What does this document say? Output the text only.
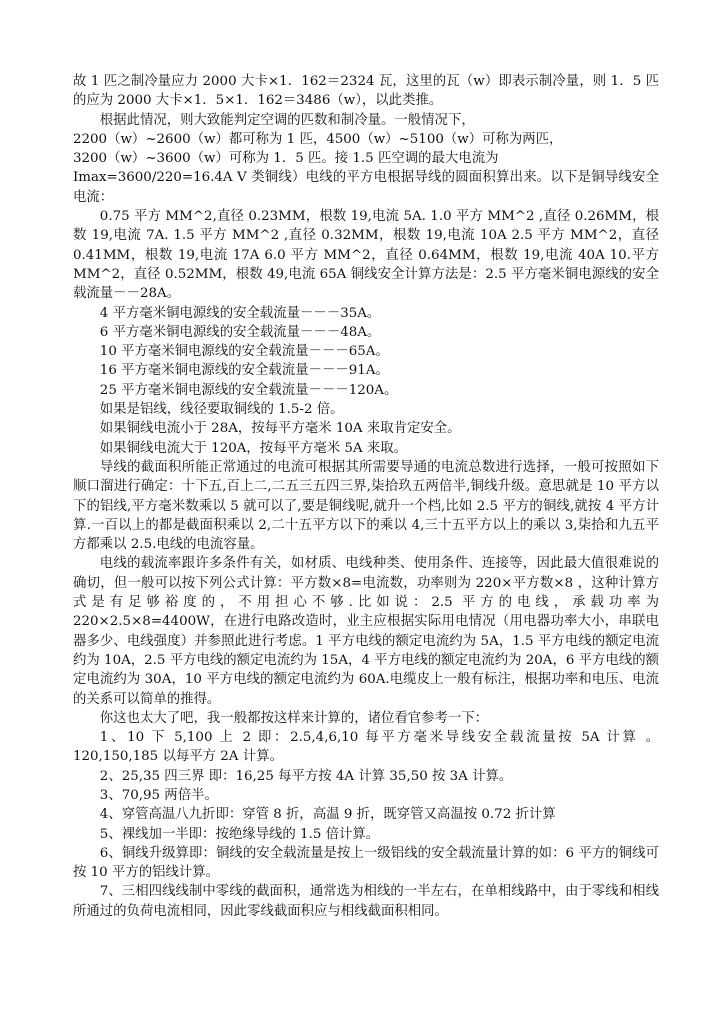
故 1 匹之制冷量应力 2000 大卡×1．162＝2324 瓦，这里的瓦（w）即表示制冷量，则 1．5 匹的应为 2000 大卡×1．5×1．162＝3486（w），以此类推。

根据此情况，则大致能判定空调的匹数和制冷量。一般情况下，

2200（w）~2600（w）都可称为 1 匹，4500（w）~5100（w）可称为两匹，

3200（w）~3600（w）可称为 1．5 匹。接 1.5 匹空调的最大电流为

Imax=3600/220=16.4A V 类铜线）电线的平方电根据导线的圆面积算出来。以下是铜导线安全电流：

0.75 平方 MM^2,直径 0.23MM，根数 19,电流 5A. 1.0 平方 MM^2 ,直径 0.26MM，根数 19,电流 7A. 1.5 平方 MM^2 ,直径 0.32MM，根数 19,电流 10A 2.5 平方 MM^2，直径 0.41MM，根数 19,电流 17A 6.0 平方 MM^2，直径 0.64MM，根数 19,电流 40A 10.平方 MM^2，直径 0.52MM，根数 49,电流 65A 铜线安全计算方法是：2.5 平方毫米铜电源线的安全载流量－－28A。

4 平方毫米铜电源线的安全载流量－－－35A。

6 平方毫米铜电源线的安全载流量－－－48A。

10 平方毫米铜电源线的安全载流量－－－65A。

16 平方毫米铜电源线的安全载流量－－－91A。

25 平方毫米铜电源线的安全载流量－－－120A。

如果是铝线，线径要取铜线的 1.5-2 倍。

如果铜线电流小于 28A，按每平方毫米 10A 来取肯定安全。

如果铜线电流大于 120A，按每平方毫米 5A 来取。

导线的截面积所能正常通过的电流可根据其所需要导通的电流总数进行选择，一般可按照如下顺口溜进行确定：十下五,百上二,二五三五四三界,柒拾玖五两倍半,铜线升级。意思就是 10 平方以下的铝线,平方毫米数乘以 5 就可以了,要是铜线呢,就升一个档,比如 2.5 平方的铜线,就按 4 平方计算.一百以上的都是截面积乘以 2,二十五平方以下的乘以 4,三十五平方以上的乘以 3,柒拾和九五平方都乘以 2.5.电线的电流容量。

电线的载流率跟许多条件有关，如材质、电线种类、使用条件、连接等，因此最大值很难说的确切，但一般可以按下列公式计算：平方数×8=电流数，功率则为 220×平方数×8 ，这种计算方式是有足够裕度的，不用担心不够.比如说：2.5 平方的电线，承载功率为 220×2.5×8=4400W，在进行电路改造时，业主应根据实际用电情况（用电器功率大小，串联电器多少、电线强度）并参照此进行考虑。1 平方电线的额定电流约为 5A，1.5 平方电线的额定电流约为 10A，2.5 平方电线的额定电流约为 15A，4 平方电线的额定电流约为 20A，6 平方电线的额定电流约为 30A，10 平方电线的额定电流约为 60A.电缆皮上一般有标注，根据功率和电压、电流的关系可以简单的推得。

你这也太大了吧，我一般都按这样来计算的，诸位看官参考一下：

1、10 下 5,100 上 2 即：2.5,4,6,10 每平方毫米导线安全载流量按 5A 计算 。120,150,185 以每平方 2A 计算。

2、25,35 四三界 即：16,25 每平方按 4A 计算 35,50 按 3A 计算。

3、70,95 两倍半。

4、穿管高温八九折即：穿管 8 折，高温 9 折，既穿管又高温按 0.72 折计算

5、裸线加一半即：按绝缘导线的 1.5 倍计算。

6、铜线升级算即：铜线的安全载流量是按上一级铝线的安全载流量计算的如：6 平方的铜线可按 10 平方的铝线计算。

7、三相四线线制中零线的截面积，通常选为相线的一半左右，在单相线路中，由于零线和相线所通过的负荷电流相同，因此零线截面积应与相线截面积相同。
